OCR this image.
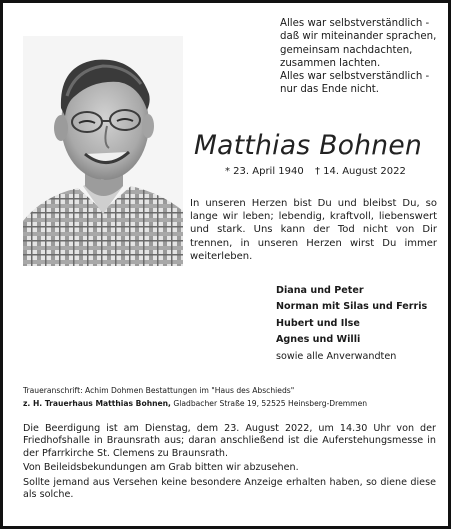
Alles war selbstverständlich -
daß wir miteinander sprachen,
gemeinsam nachdachten,
zusammen lachten.
Alles war selbstverständlich -
nur das Ende nicht.
Matthias Bohnen
* 23. April 1940 † 14. August 2022
In unseren Herzen bist Du und bleibst Du, so lange wir leben; lebendig, kraftvoll, liebenswert und stark. Uns kann der Tod nicht von Dir trennen, in unseren Herzen wirst Du immer weiterleben.
Diana und Peter
Norman mit Silas und Ferris
Hubert und Ilse
Agnes und Willi
sowie alle Anverwandten
Traueranschrift: Achim Dohmen Bestattungen im "Haus des Abschieds"
z. H. Trauerhaus Matthias Bohnen, Gladbacher Straße 19, 52525 Heinsberg-Dremmen

Die Beerdigung ist am Dienstag, dem 23. August 2022, um 14.30 Uhr von der Friedhofshalle in Braunsrath aus; daran anschließend ist die Auferstehungsmesse in der Pfarrkirche St. Clemens zu Braunsrath.

Von Beileidsbekundungen am Grab bitten wir abzusehen.

Sollte jemand aus Versehen keine besondere Anzeige erhalten haben, so diene diese als solche.
